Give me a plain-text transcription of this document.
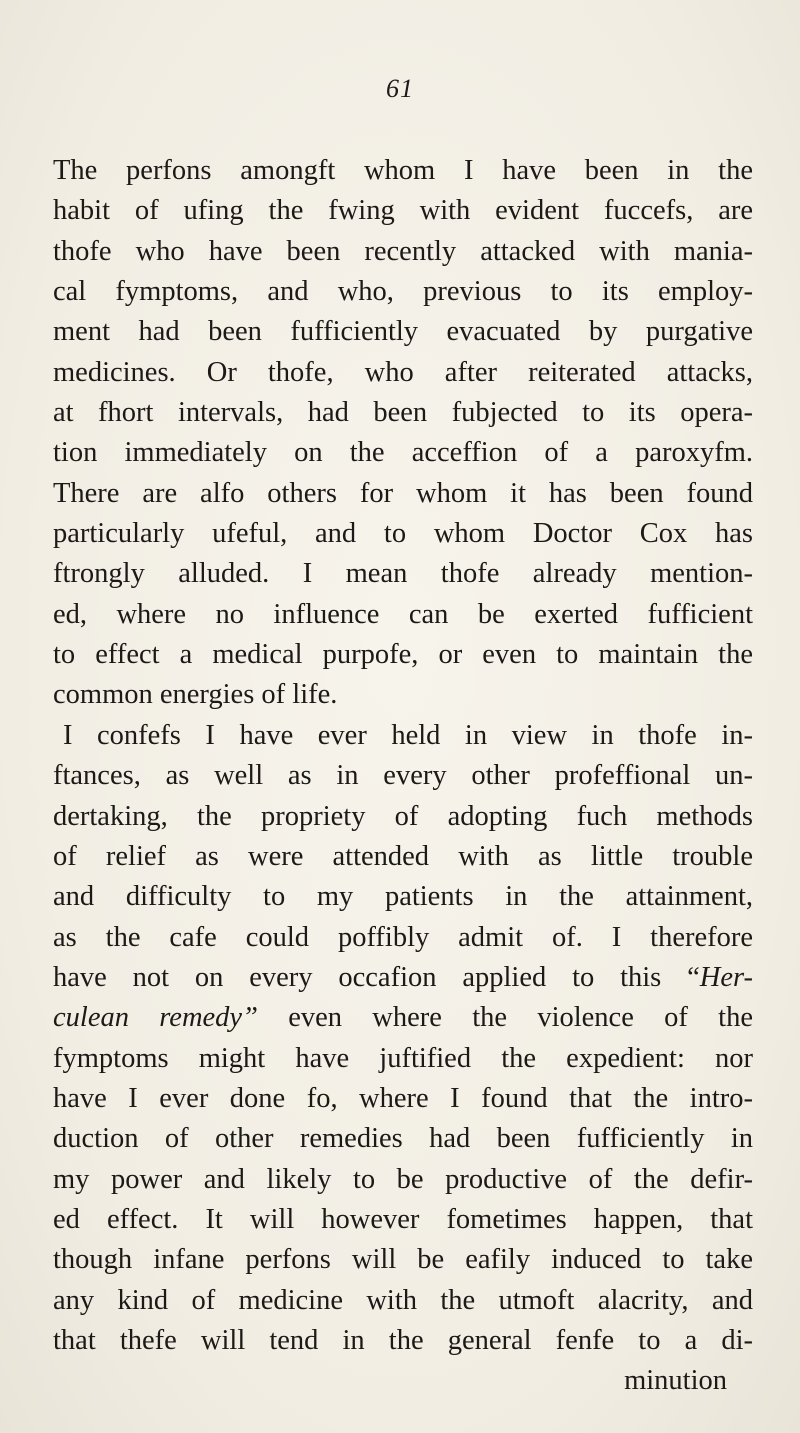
61
The perfons amongft whom I have been in the
habit of ufing the fwing with evident fuccefs, are
thofe who have been recently attacked with mania-
cal fymptoms, and who, previous to its employ-
ment had been fufficiently evacuated by purgative
medicines. Or thofe, who after reiterated attacks,
at fhort intervals, had been fubjected to its opera-
tion immediately on the acceffion of a paroxyfm.
There are alfo others for whom it has been found
particularly ufeful, and to whom Doctor Cox has
ftrongly alluded. I mean thofe already mention-
ed, where no influence can be exerted fufficient
to effect a medical purpofe, or even to maintain the
common energies of life.
I confefs I have ever held in view in thofe in-
ftances, as well as in every other profeffional un-
dertaking, the propriety of adopting fuch methods
of relief as were attended with as little trouble
and difficulty to my patients in the attainment,
as the cafe could poffibly admit of. I therefore
have not on every occafion applied to this “Her-
culean remedy” even where the violence of the
fymptoms might have juftified the expedient: nor
have I ever done fo, where I found that the intro-
duction of other remedies had been fufficiently in
my power and likely to be productive of the defir-
ed effect. It will however fometimes happen, that
though infane perfons will be eafily induced to take
any kind of medicine with the utmoft alacrity, and
that thefe will tend in the general fenfe to a di-
minution
